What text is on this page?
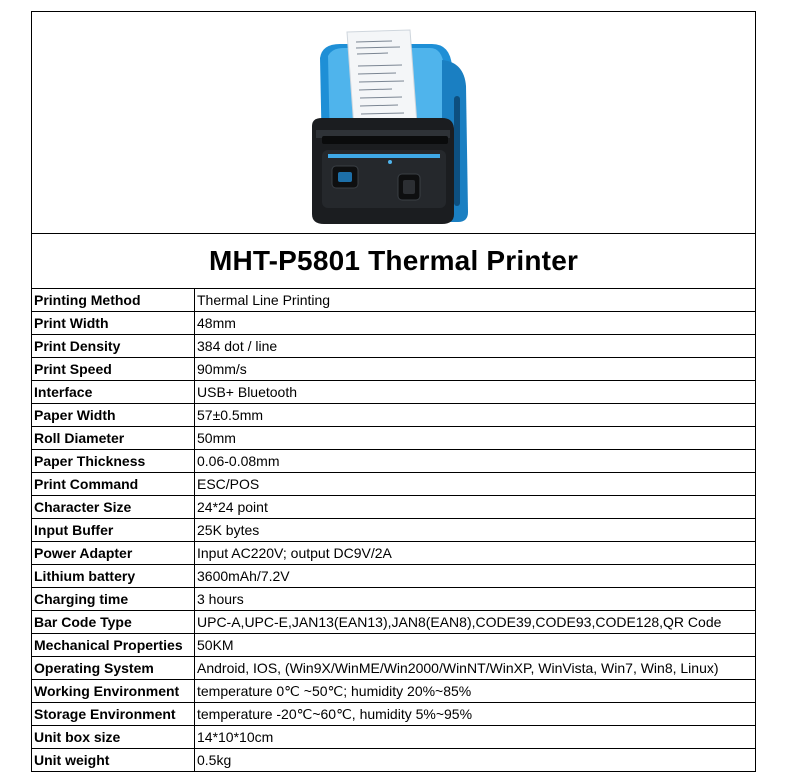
MHT-P5801 Thermal Printer
Printing Method	Thermal Line Printing
Print Width	48mm
Print Density	384 dot / line
Print Speed	90mm/s
Interface	USB+ Bluetooth
Paper Width	57±0.5mm
Roll Diameter	50mm
Paper Thickness	0.06-0.08mm
Print Command	ESC/POS
Character Size	24*24 point
Input Buffer	25K bytes
Power Adapter	Input AC220V; output DC9V/2A
Lithium battery	3600mAh/7.2V
Charging time	3 hours
Bar Code Type	UPC-A,UPC-E,JAN13(EAN13),JAN8(EAN8),CODE39,CODE93,CODE128,QR Code
Mechanical Properties	50KM
Operating System	Android, IOS, (Win9X/WinME/Win2000/WinNT/WinXP, WinVista, Win7, Win8, Linux)
Working Environment	temperature 0℃ ~50℃; humidity 20%~85%
Storage Environment	temperature -20℃~60℃, humidity 5%~95%
Unit box size	14*10*10cm
Unit weight	0.5kg
